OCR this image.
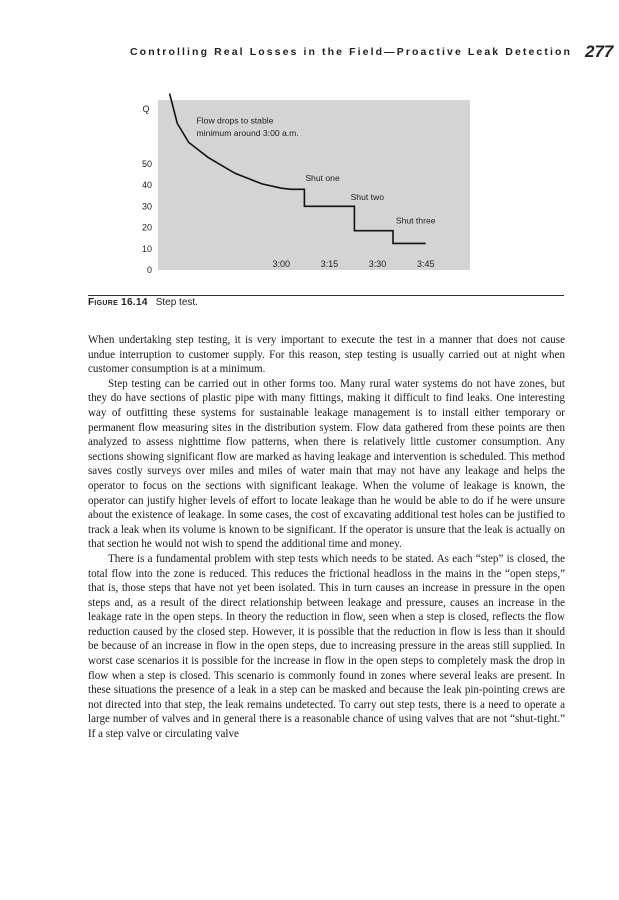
Controlling Real Losses in the Field—Proactive Leak Detection 277
Q
0
10
20
30
40
50
3:00	3:15	3:30	3:45
Flow drops to stable
minimum around 3:00 a.m.
Shut one
Shut two
Shut three
Figure 16.14 Step test.

When undertaking step testing, it is very important to execute the test in a manner that does not cause undue interruption to customer supply. For this reason, step testing is usually carried out at night when customer consumption is at a minimum.

Step testing can be carried out in other forms too. Many rural water systems do not have zones, but they do have sections of plastic pipe with many fittings, making it difficult to find leaks. One interesting way of outfitting these systems for sustainable leakage management is to install either temporary or permanent flow measuring sites in the distribution system. Flow data gathered from these points are then analyzed to assess nighttime flow patterns, when there is relatively little customer consumption. Any sections showing significant flow are marked as having leakage and intervention is scheduled. This method saves costly surveys over miles and miles of water main that may not have any leakage and helps the operator to focus on the sections with significant leakage. When the volume of leakage is known, the operator can justify higher levels of effort to locate leakage than he would be able to do if he were unsure about the existence of leakage. In some cases, the cost of excavating additional test holes can be justified to track a leak when its volume is known to be significant. If the operator is unsure that the leak is actually on that section he would not wish to spend the additional time and money.

There is a fundamental problem with step tests which needs to be stated. As each “step” is closed, the total flow into the zone is reduced. This reduces the frictional headloss in the mains in the “open steps,” that is, those steps that have not yet been isolated. This in turn causes an increase in pressure in the open steps and, as a result of the direct relationship between leakage and pressure, causes an increase in the leakage rate in the open steps. In theory the reduction in flow, seen when a step is closed, reflects the flow reduction caused by the closed step. However, it is possible that the reduction in flow is less than it should be because of an increase in flow in the open steps, due to increasing pressure in the areas still supplied. In worst case scenarios it is possible for the increase in flow in the open steps to completely mask the drop in flow when a step is closed. This scenario is commonly found in zones where several leaks are present. In these situations the presence of a leak in a step can be masked and because the leak pin-pointing crews are not directed into that step, the leak remains undetected. To carry out step tests, there is a need to operate a large number of valves and in general there is a reasonable chance of using valves that are not “shut-tight.” If a step valve or circulating valve
